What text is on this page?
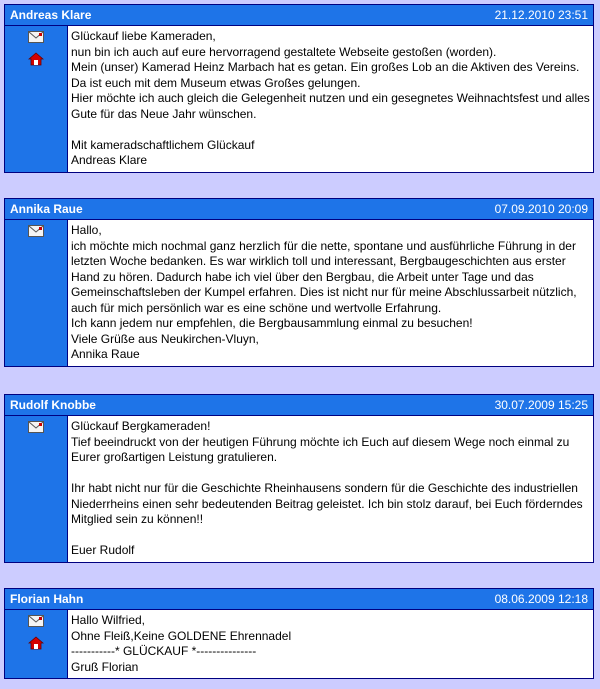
Andreas Klare	21.12.2010 23:51
Glückauf liebe Kameraden,
nun bin ich auch auf eure hervorragend gestaltete Webseite gestoßen (worden).
Mein (unser) Kamerad Heinz Marbach hat es getan. Ein großes Lob an die Aktiven des Vereins. Da ist euch mit dem Museum etwas Großes gelungen.
Hier möchte ich auch gleich die Gelegenheit nutzen und ein gesegnetes Weihnachtsfest und alles Gute für das Neue Jahr wünschen.

Mit kameradschaftlichem Glückauf
Andreas Klare
Annika Raue	07.09.2010 20:09
Hallo,
ich möchte mich nochmal ganz herzlich für die nette, spontane und ausführliche Führung in der letzten Woche bedanken. Es war wirklich toll und interessant, Bergbaugeschichten aus erster Hand zu hören. Dadurch habe ich viel über den Bergbau, die Arbeit unter Tage und das Gemeinschaftsleben der Kumpel erfahren. Dies ist nicht nur für meine Abschlussarbeit nützlich, auch für mich persönlich war es eine schöne und wertvolle Erfahrung.
Ich kann jedem nur empfehlen, die Bergbausammlung einmal zu besuchen!
Viele Grüße aus Neukirchen-Vluyn,
Annika Raue
Rudolf Knobbe	30.07.2009 15:25
Glückauf Bergkameraden!
Tief beeindruckt von der heutigen Führung möchte ich Euch auf diesem Wege noch einmal zu Eurer großartigen Leistung gratulieren.

Ihr habt nicht nur für die Geschichte Rheinhausens sondern für die Geschichte des industriellen Niederrheins einen sehr bedeutenden Beitrag geleistet. Ich bin stolz darauf, bei Euch förderndes Mitglied sein zu können!!

Euer Rudolf
Florian Hahn	08.06.2009 12:18
Hallo Wilfried,
Ohne Fleiß,Keine GOLDENE Ehrennadel
-----------* GLÜCKAUF *---------------
Gruß Florian
